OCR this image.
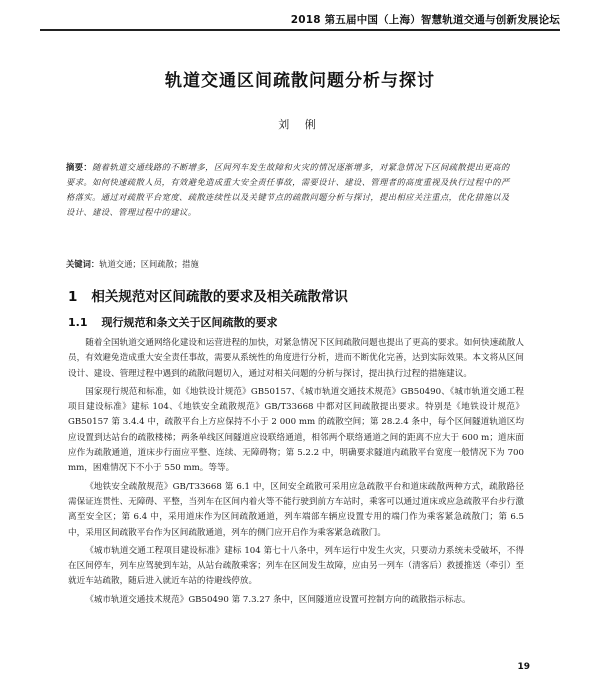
2018 第五届中国（上海）智慧轨道交通与创新发展论坛
轨道交通区间疏散问题分析与探讨
刘 俐

摘要：随着轨道交通线路的不断增多，区间列车发生故障和火灾的情况逐渐增多，对紧急情况下区间疏散提出更高的要求。如何快速疏散人员，有效避免造成重大安全责任事故，需要设计、建设、管理者的高度重视及执行过程中的严格落实。通过对疏散平台宽度、疏散连续性以及关键节点的疏散问题分析与探讨，提出相应关注重点，优化措施以及设计、建设、管理过程中的建议。

关键词：轨道交通；区间疏散；措施

1 相关规范对区间疏散的要求及相关疏散常识
1.1 现行规范和条文关于区间疏散的要求

随着全国轨道交通网络化建设和运营进程的加快，对紧急情况下区间疏散问题也提出了更高的要求。如何快速疏散人员，有效避免造成重大安全责任事故，需要从系统性的角度进行分析，进而不断优化完善，达到实际效果。本文将从区间设计、建设、管理过程中遇到的疏散问题切入，通过对相关问题的分析与探讨，提出执行过程的措施建议。

国家现行规范和标准，如《地铁设计规范》GB50157、《城市轨道交通技术规范》GB50490、《城市轨道交通工程项目建设标准》建标 104、《地铁安全疏散规范》GB/T33668 中都对区间疏散提出要求。特别是《地铁设计规范》GB50157 第 3.4.4 中，疏散平台上方应保持不小于 2 000 mm 的疏散空间；第 28.2.4 条中，每个区间隧道轨道区均应设置到达站台的疏散楼梯；两条单线区间隧道应设联络通道，相邻两个联络通道之间的距离不应大于 600 m；道床面应作为疏散通道，道床步行面应平整、连续、无障碍物；第 5.2.2 中，明确要求隧道内疏散平台宽度一般情况下为 700 mm，困难情况下不小于 550 mm。等等。

《地铁安全疏散规范》GB/T33668 第 6.1 中，区间安全疏散可采用应急疏散平台和道床疏散两种方式，疏散路径需保证连贯性、无障碍、平整，当列车在区间内着火等不能行驶到前方车站时，乘客可以通过道床或应急疏散平台步行激离至安全区；第 6.4 中，采用道床作为区间疏散通道，列车端部车辆应设置专用的端门作为乘客紧急疏散门；第 6.5 中，采用区间疏散平台作为区间疏散通道，列车的侧门应开启作为乘客紧急疏散门。

《城市轨道交通工程项目建设标准》建标 104 第七十八条中，列车运行中发生火灾，只要动力系统未受破坏，不得在区间停车，列车应驾驶到车站，从站台疏散乘客；列车在区间发生故障，应由另一列车（清客后）救援推送（牵引）至就近车站疏散，随后进入就近车站的待避线停放。

《城市轨道交通技术规范》GB50490 第 7.3.27 条中，区间隧道应设置可控制方向的疏散指示标志。

19
